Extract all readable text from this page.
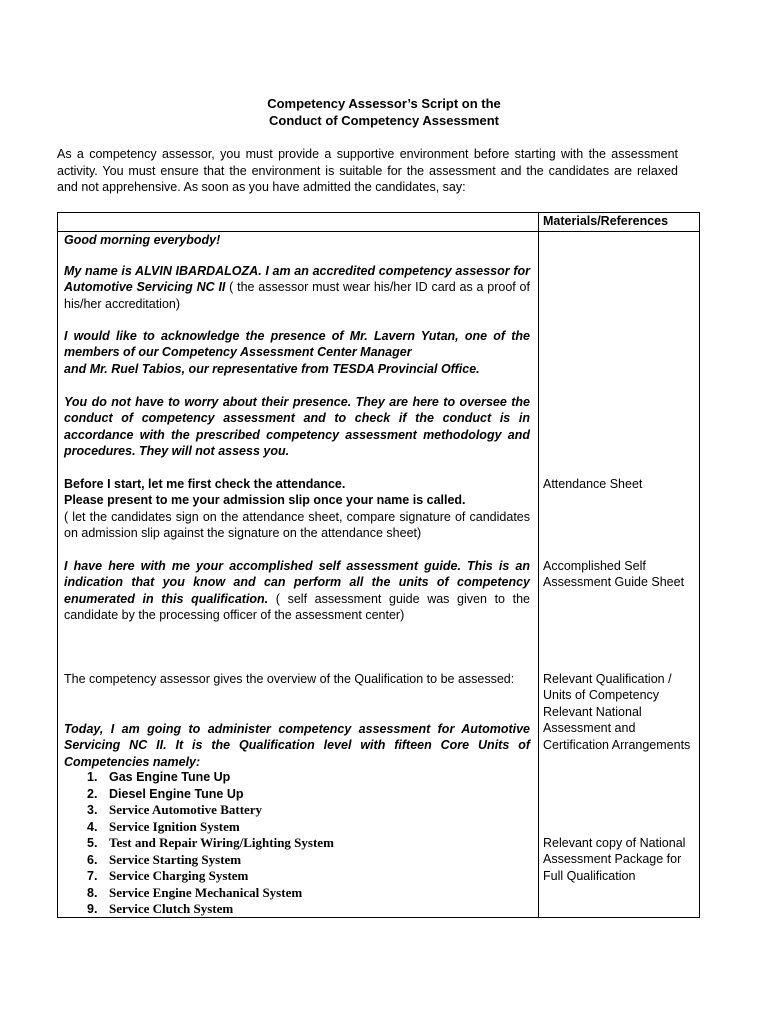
Competency Assessor’s Script on the
Conduct of Competency Assessment
As a competency assessor, you must provide a supportive environment before starting with the assessment activity. You must ensure that the environment is suitable for the assessment and the candidates are relaxed and not apprehensive. As soon as you have admitted the candidates, say:
Materials/References
Good morning everybody!
My name is ALVIN IBARDALOZA. I am an accredited competency assessor for Automotive Servicing NC II ( the assessor must wear his/her ID card as a proof of his/her accreditation)
I would like to acknowledge the presence of Mr. Lavern Yutan, one of the members of our Competency Assessment Center Manager
and Mr. Ruel Tabios, our representative from TESDA Provincial Office.
You do not have to worry about their presence. They are here to oversee the conduct of competency assessment and to check if the conduct is in accordance with the prescribed competency assessment methodology and procedures. They will not assess you.
Before I start, let me first check the attendance.
Please present to me your admission slip once your name is called.
( let the candidates sign on the attendance sheet, compare signature of candidates on admission slip against the signature on the attendance sheet)
I have here with me your accomplished self assessment guide. This is an indication that you know and can perform all the units of competency enumerated in this qualification. ( self assessment guide was given to the candidate by the processing officer of the assessment center)
The competency assessor gives the overview of the Qualification to be assessed:
Today, I am going to administer competency assessment for Automotive Servicing NC II. It is the Qualification level with fifteen Core Units of Competencies namely:
1. Gas Engine Tune Up
2. Diesel Engine Tune Up
3. Service Automotive Battery
4. Service Ignition System
5. Test and Repair Wiring/Lighting System
6. Service Starting System
7. Service Charging System
8. Service Engine Mechanical System
9. Service Clutch System
Attendance Sheet
Accomplished Self Assessment Guide Sheet
Relevant Qualification / Units of Competency Relevant National Assessment and Certification Arrangements
Relevant copy of National Assessment Package for Full Qualification
